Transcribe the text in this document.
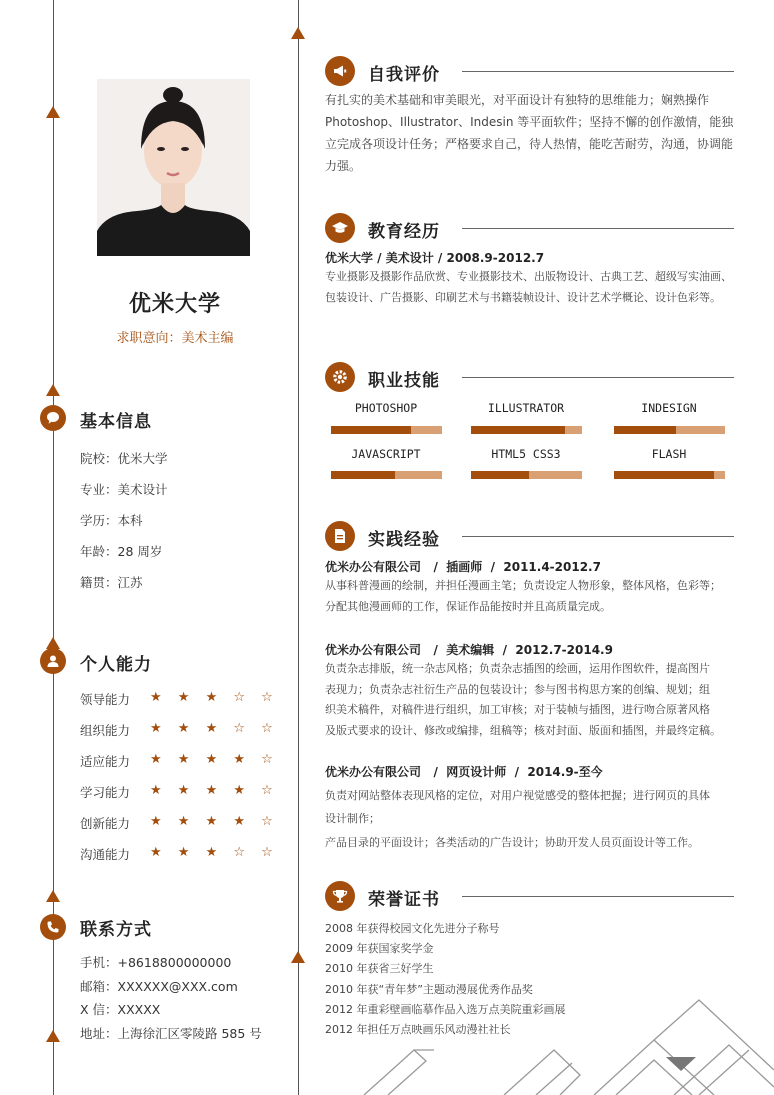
优米大学
求职意向：美术主编
基本信息
院校：优米大学
专业：美术设计
学历：本科
年龄：28 周岁
籍贯：江苏
个人能力
领导能力 ★ ★ ★ ☆ ☆
组织能力 ★ ★ ★ ☆ ☆
适应能力 ★ ★ ★ ★ ☆
学习能力 ★ ★ ★ ★ ☆
创新能力 ★ ★ ★ ★ ☆
沟通能力 ★ ★ ★ ☆ ☆
联系方式
手机：+8618800000000
邮箱：XXXXXX@XXX.com
X 信：XXXXX
地址：上海徐汇区零陵路 585 号
自我评价
有扎实的美术基础和审美眼光，对平面设计有独特的思维能力；娴熟操作 Photoshop、Illustrator、Indesin 等平面软件；坚持不懈的创作激情，能独立完成各项设计任务；严格要求自己，待人热情，能吃苦耐劳，沟通，协调能力强。
教育经历
优米大学 / 美术设计 / 2008.9-2012.7
专业摄影及摄影作品欣赏、专业摄影技术、出版物设计、古典工艺、超级写实油画、包装设计、广告摄影、印刷艺术与书籍装帧设计、设计艺术学概论、设计色彩等。
职业技能
PHOTOSHOP	ILLUSTRATOR	INDESIGN
JAVASCRIPT	HTML5 CSS3	FLASH
实践经验
优米办公有限公司   /  插画师  /  2011.4-2012.7
从事科普漫画的绘制，并担任漫画主笔；负责设定人物形象，整体风格，色彩等；
分配其他漫画师的工作，保证作品能按时并且高质量完成。
优米办公有限公司   /  美术编辑  /  2012.7-2014.9
负责杂志排版，统一杂志风格；负责杂志插图的绘画，运用作图软件，提高图片
表现力；负责杂志社衍生产品的包装设计；参与图书构思方案的创编、规划；组
织美术稿件，对稿件进行组织，加工审核；对于装帧与插图，进行吻合原著风格
及版式要求的设计、修改或编排，组稿等；核对封面、版面和插图，并最终定稿。
优米办公有限公司   /  网页设计师  /  2014.9-至今
负责对网站整体表现风格的定位，对用户视觉感受的整体把握；进行网页的具体
设计制作；
产品目录的平面设计；各类活动的广告设计；协助开发人员页面设计等工作。
荣誉证书
2008 年获得校园文化先进分子称号
2009 年获国家奖学金
2010 年获省三好学生
2010 年获“青年梦”主题动漫展优秀作品奖
2012 年重彩壁画临摹作品入选万点美院重彩画展
2012 年担任万点映画乐风动漫社社长
